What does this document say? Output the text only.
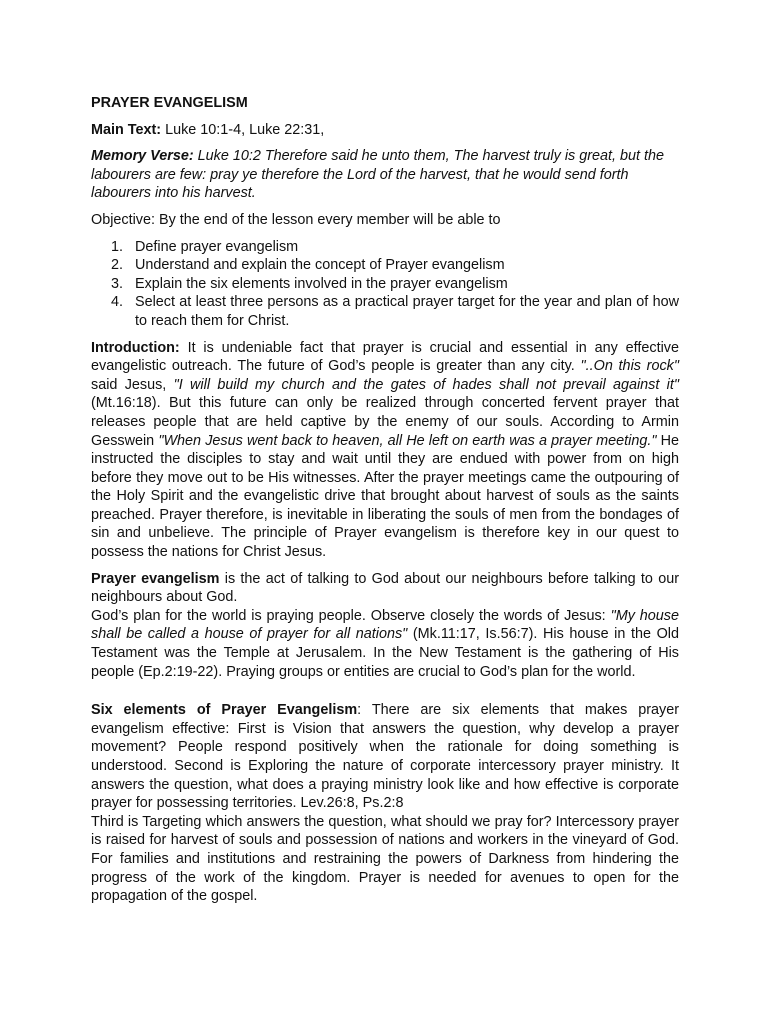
PRAYER EVANGELISM

Main Text: Luke 10:1-4, Luke 22:31,

Memory Verse: Luke 10:2 Therefore said he unto them, The harvest truly is great, but the labourers are few: pray ye therefore the Lord of the harvest, that he would send forth labourers into his harvest.

Objective: By the end of the lesson every member will be able to

1. Define prayer evangelism
2. Understand and explain the concept of Prayer evangelism
3. Explain the six elements involved in the prayer evangelism
4. Select at least three persons as a practical prayer target for the year and plan of how to reach them for Christ.

Introduction: It is undeniable fact that prayer is crucial and essential in any effective evangelistic outreach. The future of God’s people is greater than any city. "..On this rock" said Jesus, "I will build my church and the gates of hades shall not prevail against it" (Mt.16:18). But this future can only be realized through concerted fervent prayer that releases people that are held captive by the enemy of our souls. According to Armin Gesswein "When Jesus went back to heaven, all He left on earth was a prayer meeting." He instructed the disciples to stay and wait until they are endued with power from on high before they move out to be His witnesses. After the prayer meetings came the outpouring of the Holy Spirit and the evangelistic drive that brought about harvest of souls as the saints preached. Prayer therefore, is inevitable in liberating the souls of men from the bondages of sin and unbelieve. The principle of Prayer evangelism is therefore key in our quest to possess the nations for Christ Jesus.

Prayer evangelism is the act of talking to God about our neighbours before talking to our neighbours about God.

God’s plan for the world is praying people. Observe closely the words of Jesus: "My house shall be called a house of prayer for all nations" (Mk.11:17, Is.56:7). His house in the Old Testament was the Temple at Jerusalem. In the New Testament is the gathering of His people (Ep.2:19-22). Praying groups or entities are crucial to God’s plan for the world.

Six elements of Prayer Evangelism: There are six elements that makes prayer evangelism effective: First is Vision that answers the question, why develop a prayer movement? People respond positively when the rationale for doing something is understood. Second is Exploring the nature of corporate intercessory prayer ministry. It answers the question, what does a praying ministry look like and how effective is corporate prayer for possessing territories. Lev.26:8, Ps.2:8

Third is Targeting which answers the question, what should we pray for? Intercessory prayer is raised for harvest of souls and possession of nations and workers in the vineyard of God. For families and institutions and restraining the powers of Darkness from hindering the progress of the work of the kingdom. Prayer is needed for avenues to open for the propagation of the gospel.
